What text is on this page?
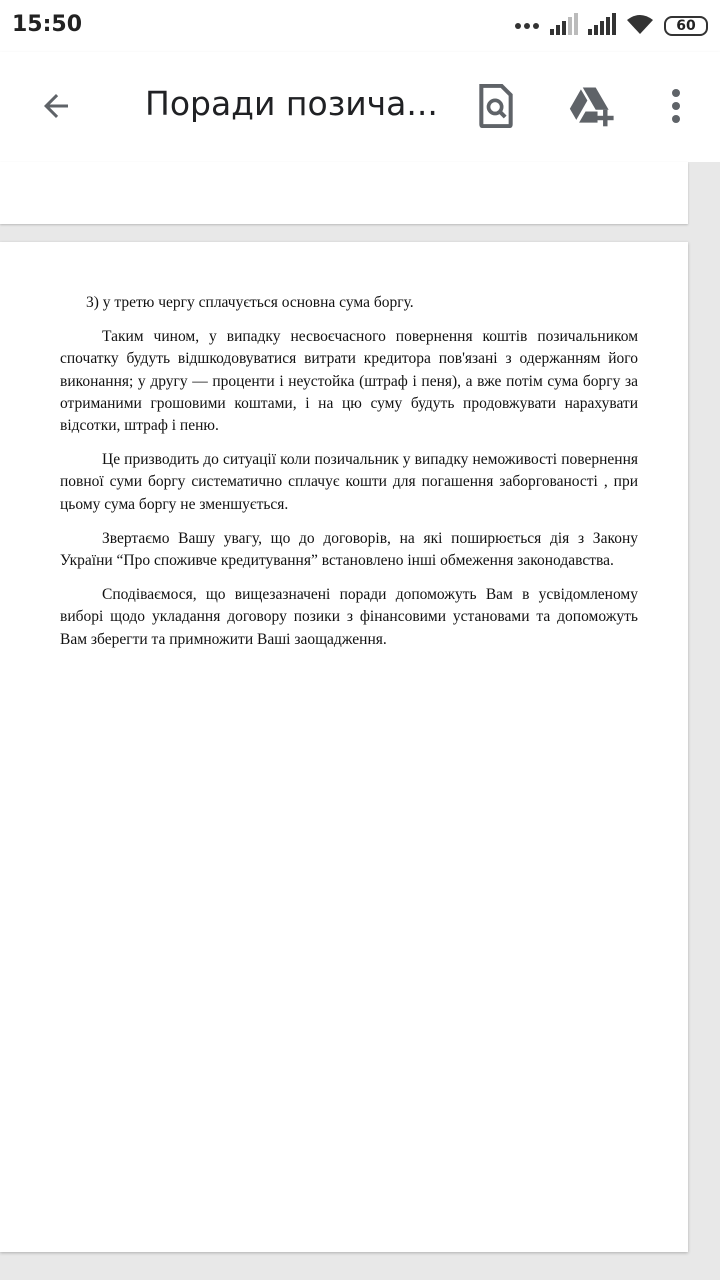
15:50	60
Поради позича...

3) у третю чергу сплачується основна сума боргу.

Таким чином, у випадку несвоєчасного повернення коштів позичальником спочатку будуть відшкодовуватися витрати кредитора пов'язані з одержанням його виконання; у другу — проценти і неустойка (штраф і пеня), а вже потім сума боргу за отриманими грошовими коштами, і на цю суму будуть продовжувати нарахувати відсотки, штраф і пеню.

Це призводить до ситуації коли позичальник у випадку неможивості повернення повної суми боргу систематично сплачує кошти для погашення заборгованості , при цьому сума боргу не зменшується.

Звертаємо Вашу увагу, що до договорів, на які поширюється дія з Закону України “Про споживче кредитування” встановлено інші обмеження законодавства.

Сподіваємося, що вищезазначені поради допоможуть Вам в усвідомленому виборі щодо укладання договору позики з фінансовими установами та допоможуть Вам зберегти та примножити Ваші заощадження.
